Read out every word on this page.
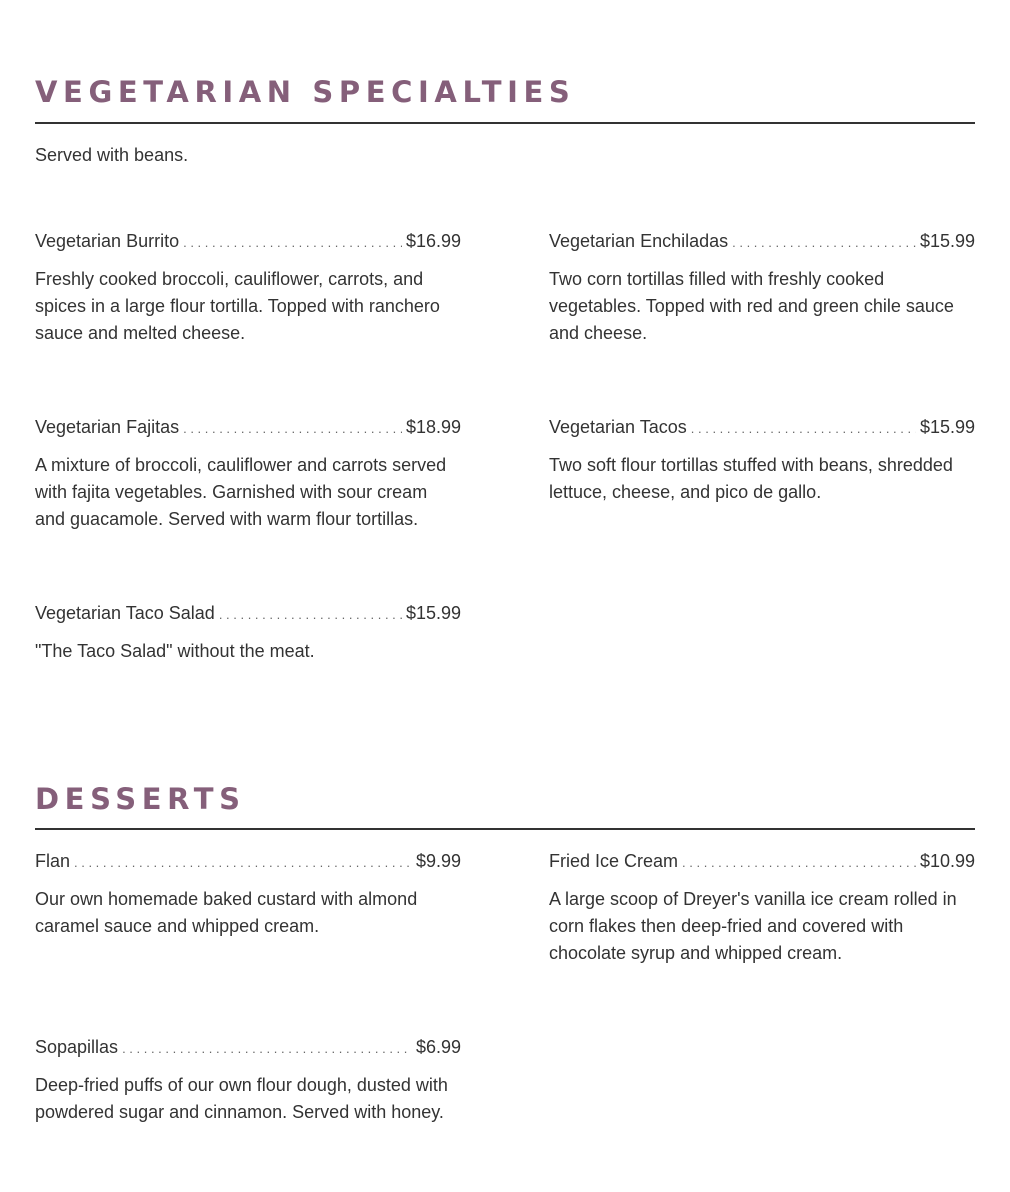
VEGETARIAN SPECIALTIES

Served with beans.

Vegetarian Burrito . . .	$16.99
Freshly cooked broccoli, cauliflower, carrots, and spices in a large flour tortilla. Topped with ranchero sauce and melted cheese.
Vegetarian Enchiladas . . .	$15.99
Two corn tortillas filled with freshly cooked vegetables. Topped with red and green chile sauce and cheese.
Vegetarian Fajitas . . .	$18.99
A mixture of broccoli, cauliflower and carrots served with fajita vegetables. Garnished with sour cream and guacamole. Served with warm flour tortillas.
Vegetarian Tacos . . .	$15.99
Two soft flour tortillas stuffed with beans, shredded lettuce, cheese, and pico de gallo.
Vegetarian Taco Salad . . .	$15.99
"The Taco Salad" without the meat.
DESSERTS
Flan . . .	$9.99
Our own homemade baked custard with almond caramel sauce and whipped cream.
Fried Ice Cream . . .	$10.99
A large scoop of Dreyer's vanilla ice cream rolled in corn flakes then deep-fried and covered with chocolate syrup and whipped cream.
Sopapillas . . .	$6.99
Deep-fried puffs of our own flour dough, dusted with powdered sugar and cinnamon. Served with honey.
